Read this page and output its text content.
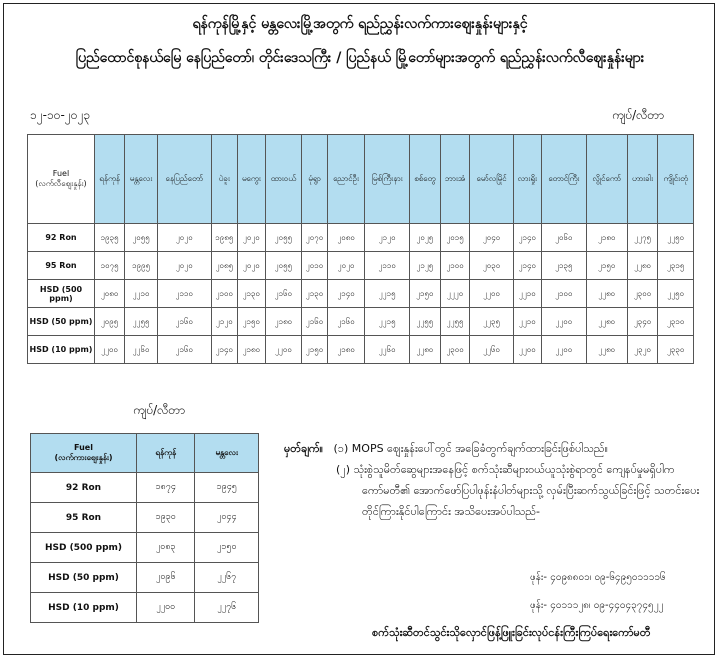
ရန်ကုန်မြို့နှင့် မန္တလေးမြို့အတွက် ရည်ညွှန်းလက်ကားဈေးနှုန်းများနှင့်
ပြည်ထောင်စုနယ်မြေ နေပြည်တော်၊ တိုင်းဒေသကြီး / ပြည်နယ် မြို့တော်များအတွက် ရည်ညွှန်းလက်လီဈေးနှုန်းများ
၁၂-၁၀-၂၀၂၃	ကျပ်/လီတာ
Fuel
(လက်လီဈေးနှုန်း)	ရန်ကုန်	မန္တလေး	နေပြည်တော်	ပဲခူး	မကွေး	ထားဝယ်	မုံရွာ	ညောင်ဦး	မြစ်ကြီးနား	စစ်တွေ	ဘားအံ	မော်လမြိုင်	လားရှိုး	တောင်ကြီး	လွိုင်ကော်	ဟားခါး	ကျိုင်းတုံ
92 Ron	၁၉၃၅	၂၀၅၅	၂၀၂၀	၁၉၈၅	၂၀၂၀	၂၀၅၅	၂၀၇၀	၂၀၈၀	၂၁၂၀	၂၀၂၅	၂၀၁၅	၂၀၄၀	၂၁၄၀	၂၀၆၀	၂၁၈၀	၂၂၇၅	၂၂၅၀
95 Ron	၁၀၇၅	၁၉၉၅	၂၀၂၀	၂၀၈၅	၂၀၂၀	၂၀၅၅	၂၀၁၀	၂၀၂၀	၂၁၁၀	၂၁၂၅	၂၁၀၀	၂၀၃၀	၂၁၄၀	၂၁၃၅	၂၁၅၀	၂၂၈၀	၂၃၁၅
HSD (500 ppm)	၂၀၈၀	၂၂၁၀	၂၁၁၀	၂၁၀၀	၂၁၃၀	၂၁၆၀	၂၁၃၀	၂၁၄၀	၂၂၁၅	၂၁၅၀	၂၂၂၀	၂၂၀၀	၂၂၁၀	၂၁၀၀	၂၂၈၀	၂၃၀၀	၂၂၅၀
HSD (50 ppm)	၂၀၉၅	၂၂၅၅	၂၁၆၀	၂၁၂၀	၂၁၅၀	၂၁၈၀	၂၁၆၀	၂၁၆၀	၂၂၁၅	၂၂၅၅	၂၂၅၅	၂၂၃၅	၂၂၁၀	၂၂၀၀	၂၂၈၀	၂၃၄၀	၂၃၁၀
HSD (10 ppm)	၂၂၀၀	၂၂၆၀	၂၁၆၀	၂၁၄၀	၂၁၈၀	၂၂၀၀	၂၁၅၀	၂၁၈၀	၂၂၆၀	၂၂၈၀	၂၃၀၀	၂၂၆၀	၂၂၀၀	၂၂၀၀	၂၂၈၀	၂၃၂၀	၂၃၃၀
ကျပ်/လီတာ
Fuel
(လက်ကားဈေးနှုန်း)	ရန်ကုန်	မန္တလေး
92 Ron	၁၈၇၄	၁၉၄၅
95 Ron	၁၉၃၀	၂၀၄၄
HSD (500 ppm)	၂၀၈၃	၂၁၅၀
HSD (50 ppm)	၂၀၉၆	၂၂၆၇
HSD (10 ppm)	၂၂၀၀	၂၂၇၆
မှတ်ချက်။ (၁) MOPS ဈေးနှုန်းပေါ်တွင် အခြေခံတွက်ချက်ထားခြင်းဖြစ်ပါသည်။
(၂) သုံးစွဲသူမိတ်ဆွေများအနေဖြင့် စက်သုံးဆီများဝယ်ယူသုံးစွဲရာတွင် ကျေနပ်မှုမရှိပါက
ကော်မတီ၏ အောက်ဖော်ပြပါဖုန်းနံပါတ်များသို့ လှမ်းပြီးဆက်သွယ်ခြင်းဖြင့် သတင်းပေး
တိုင်ကြားနိုင်ပါကြောင်း အသိပေးအပ်ပါသည်-
ဖုန်း- ၄၀၉၈၈၀၁၊ ၀၉-၆၄၉၅၀၁၁၁၁၆
ဖုန်း- ၄၀၁၁၁၂၈၊ ၀၉-၄၄၀၄၃၇၄၅၂၂
စက်သုံးဆီတင်သွင်းသိုလှောင်ဖြန့်ဖြူးခြင်းလုပ်ငန်းကြီးကြပ်ရေးကော်မတီ
